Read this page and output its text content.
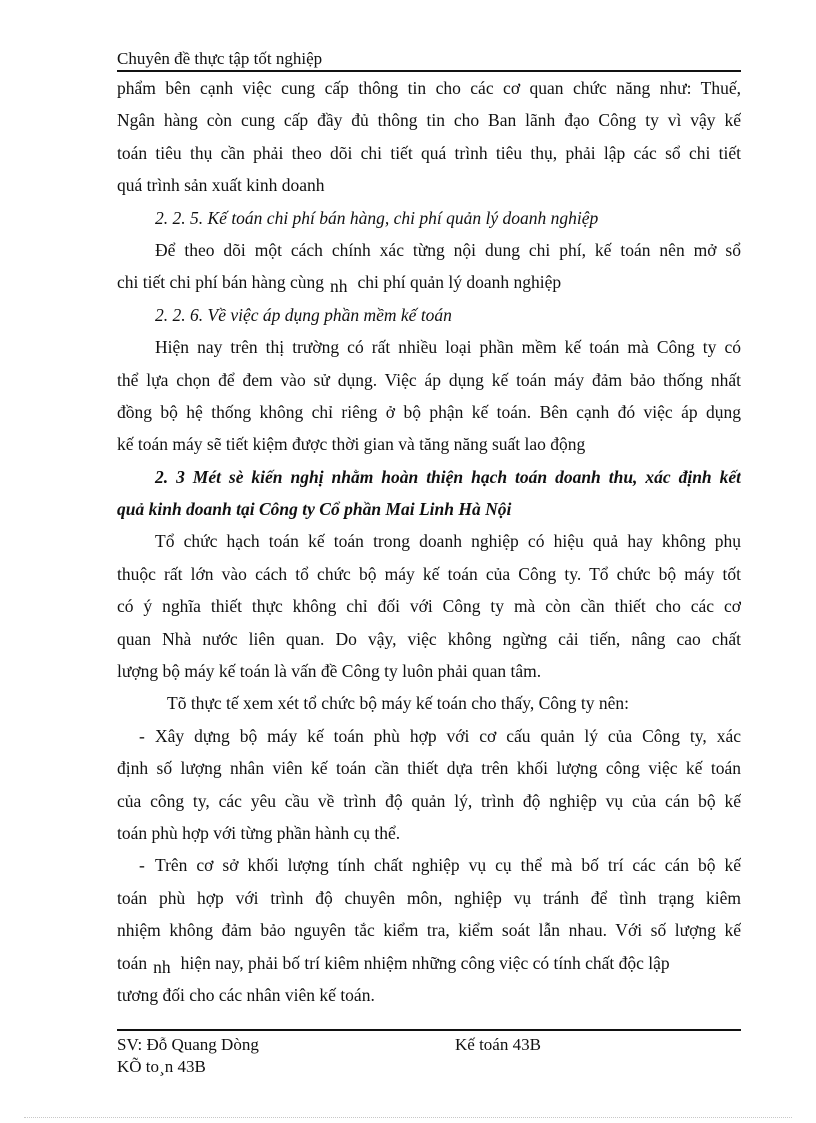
Chuyên đề thực tập tốt nghiệp

phẩm bên cạnh việc cung cấp thông tin cho các cơ quan chức năng như: Thuế,
Ngân hàng còn cung cấp đầy đủ thông tin cho Ban lãnh đạo Công ty vì vậy kế
toán tiêu thụ cần phải theo dõi chi tiết quá trình tiêu thụ, phải lập các sổ chi tiết
quá trình sản xuất kinh doanh

2. 2. 5. Kế toán chi phí bán hàng, chi phí quản lý doanh nghiệp

Để theo dõi một cách chính xác từng nội dung chi phí, kế toán nên mở sổ
chi tiết chi phí bán hàng cùng nh chi phí quản lý doanh nghiệp

2. 2. 6. Về việc áp dụng phần mềm kế toán

Hiện nay trên thị trường có rất nhiều loại phần mềm kế toán mà Công ty có
thể lựa chọn để đem vào sử dụng. Việc áp dụng kế toán máy đảm bảo thống nhất
đồng bộ hệ thống không chỉ riêng ở bộ phận kế toán. Bên cạnh đó việc áp dụng
kế toán máy sẽ tiết kiệm được thời gian và tăng năng suất lao động

2. 3 Mét sè kiến nghị nhằm hoàn thiện hạch toán doanh thu, xác định kết
quả kinh doanh tại Công ty Cổ phần Mai Linh Hà Nội

Tổ chức hạch toán kế toán trong doanh nghiệp có hiệu quả hay không phụ
thuộc rất lớn vào cách tổ chức bộ máy kế toán của Công ty. Tổ chức bộ máy tốt
có ý nghĩa thiết thực không chỉ đối với Công ty mà còn cần thiết cho các cơ
quan Nhà nước liên quan. Do vậy, việc không ngừng cải tiến, nâng cao chất
lượng bộ máy kế toán là vấn đề Công ty luôn phải quan tâm.

Tõ thực tế xem xét tổ chức bộ máy kế toán cho thấy, Công ty nên:

- Xây dựng bộ máy kế toán phù hợp với cơ cấu quản lý của Công ty, xác
định số lượng nhân viên kế toán cần thiết dựa trên khối lượng công việc kế toán
của công ty, các yêu cầu về trình độ quản lý, trình độ nghiệp vụ của cán bộ kế
toán phù hợp với từng phần hành cụ thể.

- Trên cơ sở khối lượng tính chất nghiệp vụ cụ thể mà bố trí các cán bộ kế
toán phù hợp với trình độ chuyên môn, nghiệp vụ tránh để tình trạng kiêm
nhiệm không đảm bảo nguyên tắc kiểm tra, kiểm soát lẫn nhau. Với số lượng kế
toán nh hiện nay, phải bố trí kiêm nhiệm những công việc có tính chất độc lập
tương đối cho các nhân viên kế toán.

SV: Đỗ Quang Dòng	Kế toán 43B
KÕ to¸n 43B
